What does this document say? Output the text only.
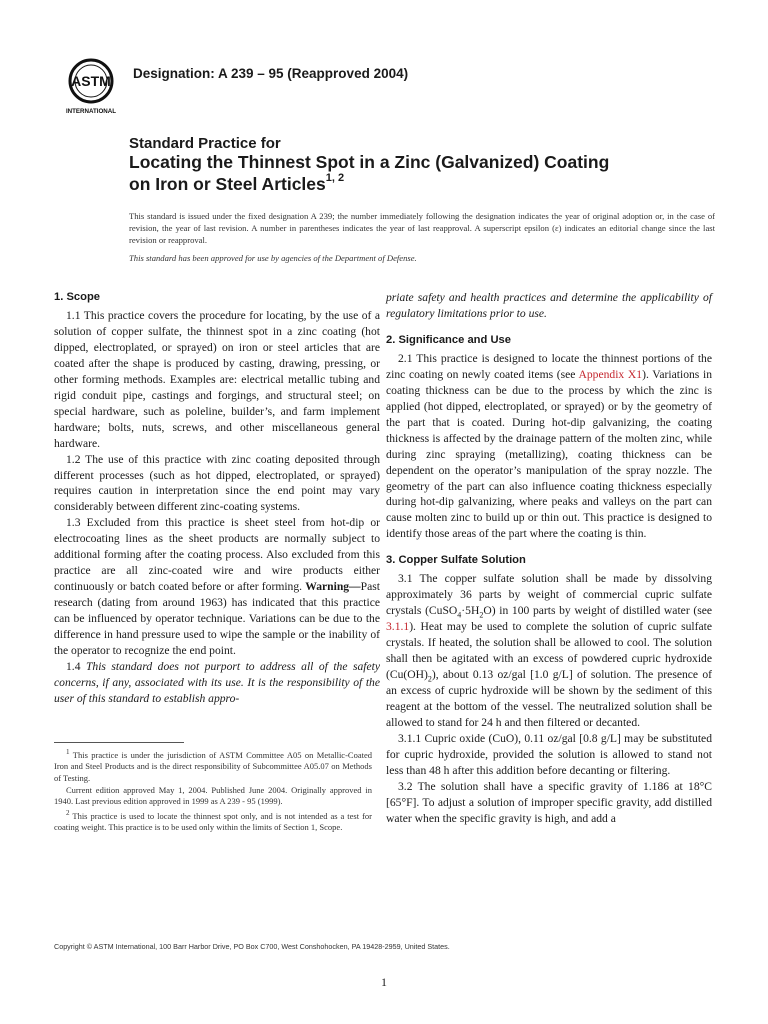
ASTM
INTERNATIONAL
Designation: A 239 – 95 (Reapproved 2004)
Standard Practice for
Locating the Thinnest Spot in a Zinc (Galvanized) Coating
on Iron or Steel Articles$^{1, 2}$
This standard is issued under the fixed designation A 239; the number immediately following the designation indicates the year of original adoption or, in the case of revision, the year of last revision. A number in parentheses indicates the year of last reapproval. A superscript epsilon (ε) indicates an editorial change since the last revision or reapproval.
This standard has been approved for use by agencies of the Department of Defense.
1. Scope

1.1 This practice covers the procedure for locating, by the use of a solution of copper sulfate, the thinnest spot in a zinc coating (hot dipped, electroplated, or sprayed) on iron or steel articles that are coated after the shape is produced by casting, drawing, pressing, or other forming methods. Examples are: electrical metallic tubing and rigid conduit pipe, castings and forgings, and structural steel; on special hardware, such as poleline, builder’s, and farm implement hardware; bolts, nuts, screws, and other miscellaneous general hardware.

1.2 The use of this practice with zinc coating deposited through different processes (such as hot dipped, electroplated, or sprayed) requires caution in interpretation since the end point may vary considerably between different zinc-coating systems.

1.3 Excluded from this practice is sheet steel from hot-dip or electrocoating lines as the sheet products are normally subject to additional forming after the coating process. Also excluded from this practice are all zinc-coated wire and wire products either continuously or batch coated before or after forming. Warning—Past research (dating from around 1963) has indicated that this practice can be influenced by operator technique. Variations can be due to the difference in hand pressure used to wipe the sample or the inability of the operator to recognize the end point.

1.4 This standard does not purport to address all of the safety concerns, if any, associated with its use. It is the responsibility of the user of this standard to establish appro-

priate safety and health practices and determine the applicability of regulatory limitations prior to use.

2. Significance and Use

2.1 This practice is designed to locate the thinnest portions of the zinc coating on newly coated items (see Appendix X1). Variations in coating thickness can be due to the process by which the zinc is applied (hot dipped, electroplated, or sprayed) or by the geometry of the part that is coated. During hot-dip galvanizing, the coating thickness is affected by the drainage pattern of the molten zinc, while during zinc spraying (metallizing), coating thickness can be dependent on the operator’s manipulation of the spray nozzle. The geometry of the part can also influence coating thickness especially during hot-dip galvanizing, where peaks and valleys on the part can cause molten zinc to build up or thin out. This practice is designed to identify those areas of the part where the coating is thin.

3. Copper Sulfate Solution

3.1 The copper sulfate solution shall be made by dissolving approximately 36 parts by weight of commercial cupric sulfate crystals $(CuSO_4\cdot 5H_2O)$ in 100 parts by weight of distilled water (see 3.1.1). Heat may be used to complete the solution of cupric sulfate crystals. If heated, the solution shall be allowed to cool. The solution shall then be agitated with an excess of powdered cupric hydroxide $(Cu(OH)_2)$, about 0.13 oz/gal [1.0 g/L] of solution. The presence of an excess of cupric hydroxide will be shown by the sediment of this reagent at the bottom of the vessel. The neutralized solution shall be allowed to stand for 24 h and then filtered or decanted.

3.1.1 Cupric oxide (CuO), 0.11 oz/gal [0.8 g/L] may be substituted for cupric hydroxide, provided the solution is allowed to stand not less than 48 h after this addition before decanting or filtering.

3.2 The solution shall have a specific gravity of 1.186 at 18°C [65°F]. To adjust a solution of improper specific gravity, add distilled water when the specific gravity is high, and add a

$^1$ This practice is under the jurisdiction of ASTM Committee A05 on Metallic-Coated Iron and Steel Products and is the direct responsibility of Subcommittee A05.07 on Methods of Testing.

Current edition approved May 1, 2004. Published June 2004. Originally approved in 1940. Last previous edition approved in 1999 as A 239 - 95 (1999).

$^2$ This practice is used to locate the thinnest spot only, and is not intended as a test for coating weight. This practice is to be used only within the limits of Section 1, Scope.

Copyright © ASTM International, 100 Barr Harbor Drive, PO Box C700, West Conshohocken, PA 19428-2959, United States.
1
